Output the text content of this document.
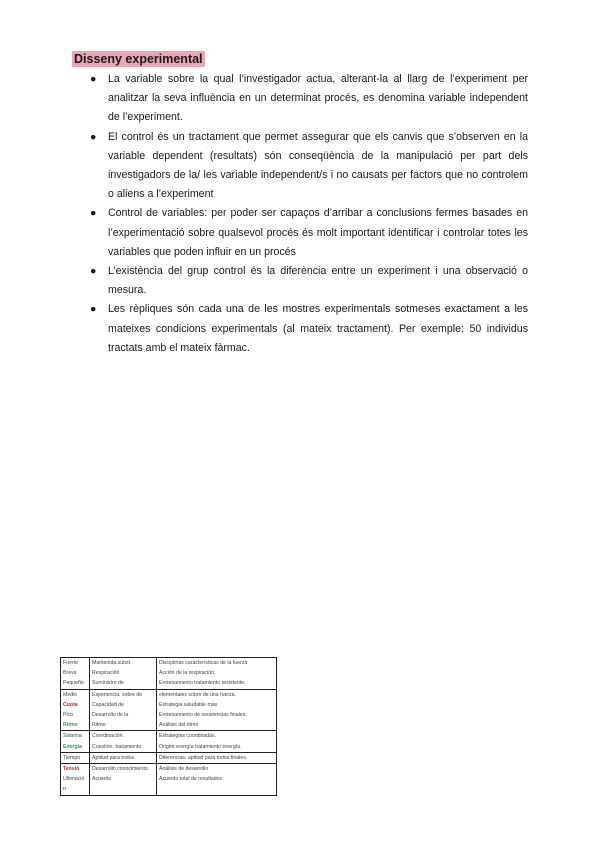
Disseny experimental
● La variable sobre la qual l’investigador actua, alterant-la al llarg de l’experiment per analitzar la seva influència en un determinat procés, es denomina variable independent de l’experiment.
● El control és un tractament que permet assegurar que els canvis que s’observen en la variable dependent (resultats) són conseqüència de la manipulació per part dels investigadors de la/ les variable independent/s i no causats per factors que no controlem o aliens a l’experiment
● Control de variables: per poder ser capaços d’arribar a conclusions fermes basades en l’experimentació sobre qualsevol procés és molt important identificar i controlar totes les variables que poden influir en un procés
● L’existència del grup control és la diferència entre un experiment i una observació o mesura.
● Les rèpliques són cada una de les mostres experimentals sotmeses exactament a les mateixes condicions experimentals (al mateix tractament). Per exemple: 50 individus tractats amb el mateix fàrmac.
Fuerte	Mantenida.subst.	Disciplinas características de la fuerza
Breve	Respiración	Acción de la respiración.
Pequeño	Suministro de	Entrenamiento tratamiento resistente.
Medio	Experiencia. sobre de	elementales sobre de una fuerza.
Cuota	Capacidad de	Estrategia saludable más.
Pico	Desarrollo de la	Entrenamiento de resistencias finales.
Ritmo	Ritmo	Análisis del ritmo
Sistema	Coordinación.	Estrategias coordinadas.
Energía	Cuestión. tratamiento	Origen energía tratamiento energía.
Tiempo	Aptitud para todos	Diferencias. aptitud para todos finales.
Tensió	Desarrollo.conocimiento.	Análisis de desarrollo
Ultimació	Acuerdo	Acuerdo total de resultados
n		
